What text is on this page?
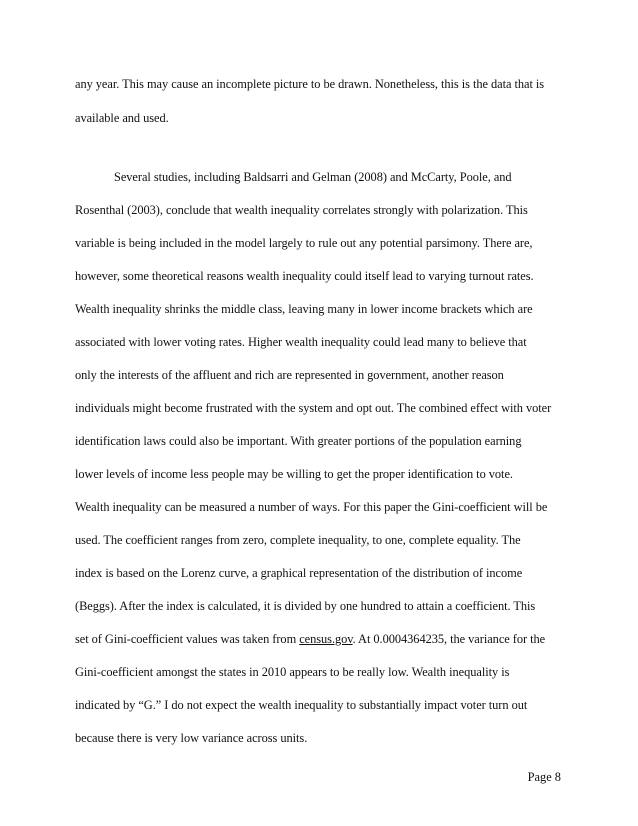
any year. This may cause an incomplete picture to be drawn. Nonetheless, this is the data that is
available and used.
Several studies, including Baldsarri and Gelman (2008) and McCarty, Poole, and
Rosenthal (2003), conclude that wealth inequality correlates strongly with polarization. This
variable is being included in the model largely to rule out any potential parsimony. There are,
however, some theoretical reasons wealth inequality could itself lead to varying turnout rates.
Wealth inequality shrinks the middle class, leaving many in lower income brackets which are
associated with lower voting rates. Higher wealth inequality could lead many to believe that
only the interests of the affluent and rich are represented in government, another reason
individuals might become frustrated with the system and opt out. The combined effect with voter
identification laws could also be important. With greater portions of the population earning
lower levels of income less people may be willing to get the proper identification to vote.
Wealth inequality can be measured a number of ways. For this paper the Gini-coefficient will be
used. The coefficient ranges from zero, complete inequality, to one, complete equality. The
index is based on the Lorenz curve, a graphical representation of the distribution of income
(Beggs). After the index is calculated, it is divided by one hundred to attain a coefficient. This
set of Gini-coefficient values was taken from census.gov. At 0.0004364235, the variance for the
Gini-coefficient amongst the states in 2010 appears to be really low. Wealth inequality is
indicated by “G.” I do not expect the wealth inequality to substantially impact voter turn out
because there is very low variance across units.
Page 8
